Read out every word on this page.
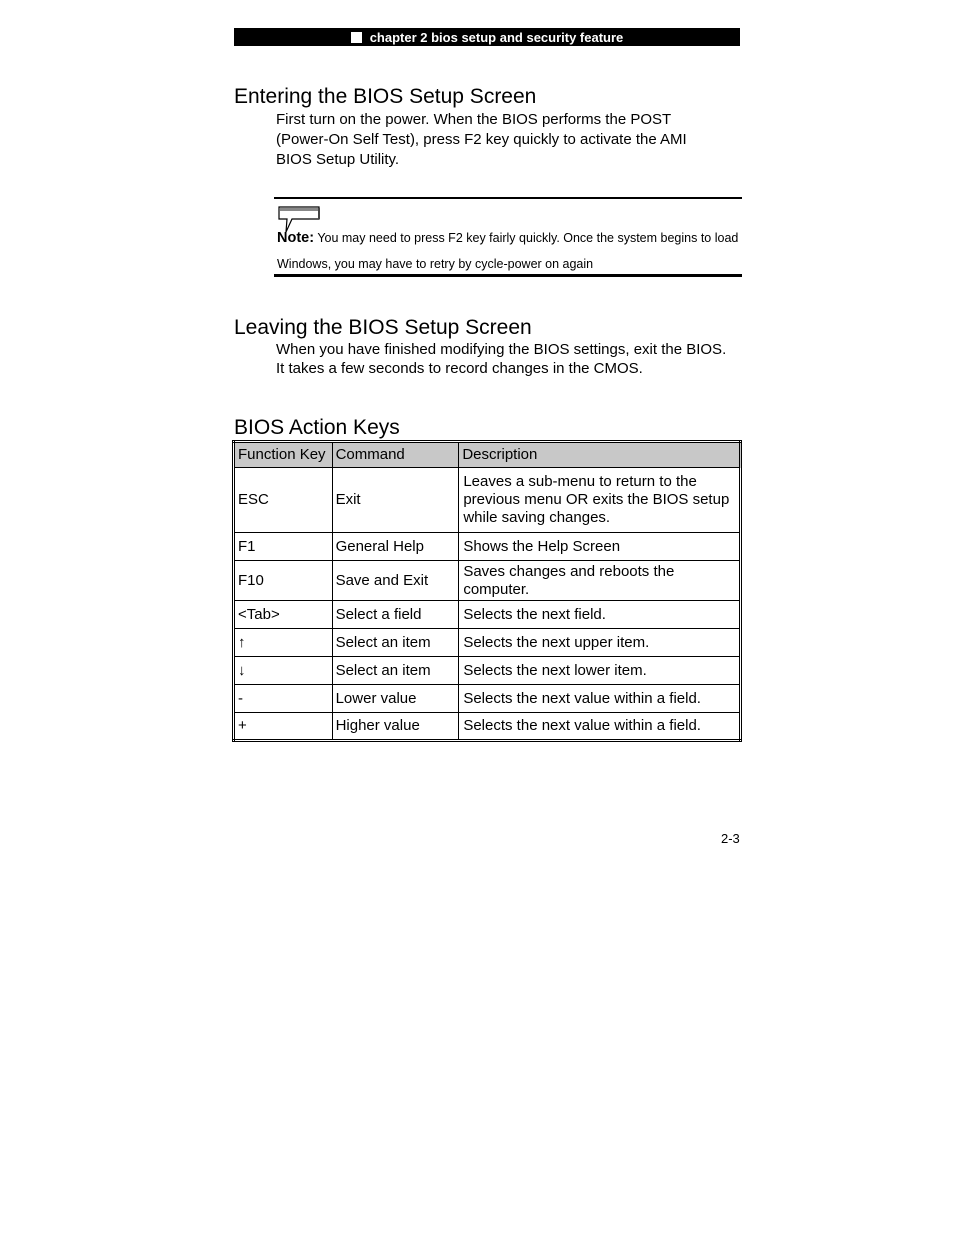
chapter 2 bios setup and security feature
Entering the BIOS Setup Screen

First turn on the power. When the BIOS performs the POST

(Power-On Self Test), press F2 key quickly to activate the AMI

BIOS Setup Utility.

Note: You may need to press F2 key fairly quickly. Once the system begins to load
Windows, you may have to retry by cycle-power on again
Leaving the BIOS Setup Screen

When you have finished modifying the BIOS settings, exit the BIOS.

It takes a few seconds to record changes in the CMOS.

BIOS Action Keys
Function Key	Command	Description
ESC	Exit	Leaves a sub-menu to return to the
previous menu OR exits the BIOS setup
while saving changes.

F1	General Help	Shows the Help Screen
F10	Save and Exit	Saves changes and reboots the
computer.

<Tab>	Select a field	Selects the next field.
↑	Select an item	Selects the next upper item.
↓	Select an item	Selects the next lower item.
-	Lower value	Selects the next value within a field.
+	Higher value	Selects the next value within a field.
2-3
